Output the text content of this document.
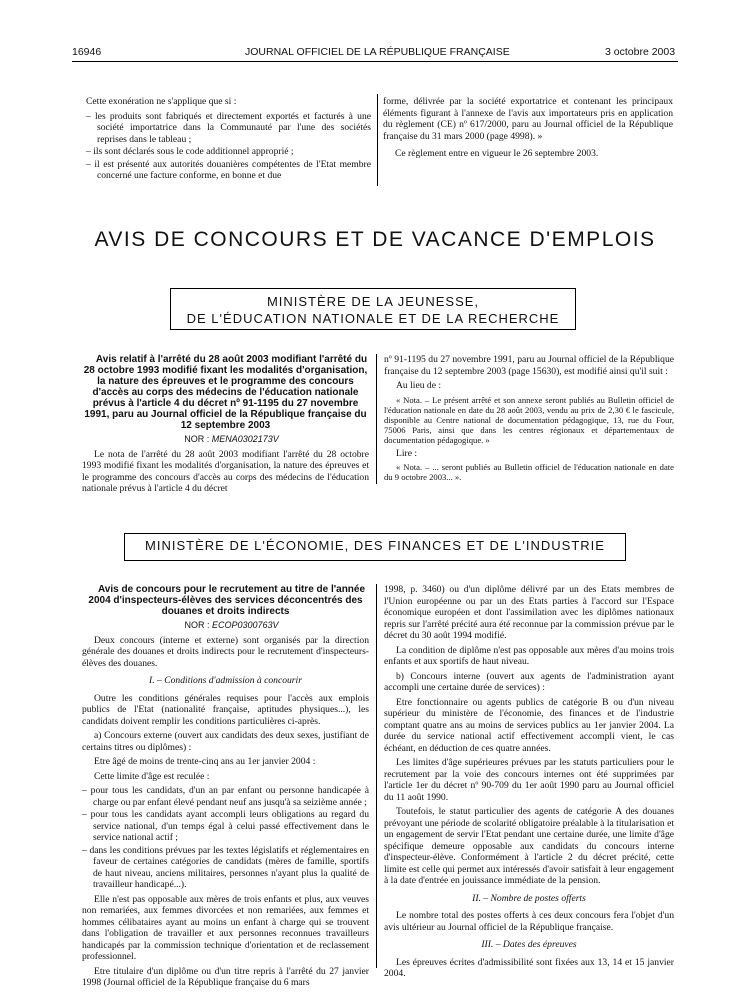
16946	JOURNAL OFFICIEL DE LA RÉPUBLIQUE FRANÇAISE	3 octobre 2003

Cette exonération ne s'applique que si :

– les produits sont fabriqués et directement exportés et facturés à une société importatrice dans la Communauté par l'une des sociétés reprises dans le tableau ;
– ils sont déclarés sous le code additionnel approprié ;
– il est présenté aux autorités douanières compétentes de l'Etat membre concerné une facture conforme, en bonne et due

forme, délivrée par la société exportatrice et contenant les principaux éléments figurant à l'annexe de l'avis aux importateurs pris en application du règlement (CE) nº 617/2000, paru au Journal officiel de la République française du 31 mars 2000 (page 4998). »

Ce règlement entre en vigueur le 26 septembre 2003.

AVIS DE CONCOURS ET DE VACANCE D'EMPLOIS
MINISTÈRE DE LA JEUNESSE,
DE L'ÉDUCATION NATIONALE ET DE LA RECHERCHE

Avis relatif à l'arrêté du 28 août 2003 modifiant l'arrêté du 28 octobre 1993 modifié fixant les modalités d'organisation, la nature des épreuves et le programme des concours d'accès au corps des médecins de l'éducation nationale prévus à l'article 4 du décret nº 91-1195 du 27 novembre 1991, paru au Journal officiel de la République française du 12 septembre 2003

NOR : MENA0302173V

Le nota de l'arrêté du 28 août 2003 modifiant l'arrêté du 28 octobre 1993 modifié fixant les modalités d'organisation, la nature des épreuves et le programme des concours d'accès au corps des médecins de l'éducation nationale prévus à l'article 4 du décret

nº 91-1195 du 27 novembre 1991, paru au Journal officiel de la République française du 12 septembre 2003 (page 15630), est modifié ainsi qu'il suit :

Au lieu de :

« Nota. – Le présent arrêté et son annexe seront publiés au Bulletin officiel de l'éducation nationale en date du 28 août 2003, vendu au prix de 2,30 € le fascicule, disponible au Centre national de documentation pédagogique, 13, rue du Four, 75006 Paris, ainsi que dans les centres régionaux et départementaux de documentation pédagogique. »

Lire :

« Nota. – ... seront publiés au Bulletin officiel de l'éducation nationale en date du 9 octobre 2003... ».

MINISTÈRE DE L'ÉCONOMIE, DES FINANCES ET DE L'INDUSTRIE

Avis de concours pour le recrutement au titre de l'année 2004 d'inspecteurs-élèves des services déconcentrés des douanes et droits indirects

NOR : ECOP0300763V

Deux concours (interne et externe) sont organisés par la direction générale des douanes et droits indirects pour le recrutement d'inspecteurs-élèves des douanes.

I. – Conditions d'admission à concourir

Outre les conditions générales requises pour l'accès aux emplois publics de l'Etat (nationalité française, aptitudes physiques...), les candidats doivent remplir les conditions particulières ci-après.

a) Concours externe (ouvert aux candidats des deux sexes, justifiant de certains titres ou diplômes) :

Etre âgé de moins de trente-cinq ans au 1er janvier 2004 :

Cette limite d'âge est reculée :

– pour tous les candidats, d'un an par enfant ou personne handicapée à charge ou par enfant élevé pendant neuf ans jusqu'à sa seizième année ;
– pour tous les candidats ayant accompli leurs obligations au regard du service national, d'un temps égal à celui passé effectivement dans le service national actif ;
– dans les conditions prévues par les textes législatifs et réglementaires en faveur de certaines catégories de candidats (mères de famille, sportifs de haut niveau, anciens militaires, personnes n'ayant plus la qualité de travailleur handicapé...).

Elle n'est pas opposable aux mères de trois enfants et plus, aux veuves non remariées, aux femmes divorcées et non remariées, aux femmes et hommes célibataires ayant au moins un enfant à charge qui se trouvent dans l'obligation de travailler et aux personnes reconnues travailleurs handicapés par la commission technique d'orientation et de reclassement professionnel.

Etre titulaire d'un diplôme ou d'un titre repris à l'arrêté du 27 janvier 1998 (Journal officiel de la République française du 6 mars

1998, p. 3460) ou d'un diplôme délivré par un des Etats membres de l'Union européenne ou par un des Etats parties à l'accord sur l'Espace économique européen et dont l'assimilation avec les diplômes nationaux repris sur l'arrêté précité aura été reconnue par la commission prévue par le décret du 30 août 1994 modifié.

La condition de diplôme n'est pas opposable aux mères d'au moins trois enfants et aux sportifs de haut niveau.

b) Concours interne (ouvert aux agents de l'administration ayant accompli une certaine durée de services) :

Etre fonctionnaire ou agents publics de catégorie B ou d'un niveau supérieur du ministère de l'économie, des finances et de l'industrie comptant quatre ans au moins de services publics au 1er janvier 2004. La durée du service national actif effectivement accompli vient, le cas échéant, en déduction de ces quatre années.

Les limites d'âge supérieures prévues par les statuts particuliers pour le recrutement par la voie des concours internes ont été supprimées par l'article 1er du décret nº 90-709 du 1er août 1990 paru au Journal officiel du 11 août 1990.

Toutefois, le statut particulier des agents de catégorie A des douanes prévoyant une période de scolarité obligatoire préalable à la titularisation et un engagement de servir l'Etat pendant une certaine durée, une limite d'âge spécifique demeure opposable aux candidats du concours interne d'inspecteur-élève. Conformément à l'article 2 du décret précité, cette limite est celle qui permet aux intéressés d'avoir satisfait à leur engagement à la date d'entrée en jouissance immédiate de la pension.

II. – Nombre de postes offerts

Le nombre total des postes offerts à ces deux concours fera l'objet d'un avis ultérieur au Journal officiel de la République française.

III. – Dates des épreuves

Les épreuves écrites d'admissibilité sont fixées aux 13, 14 et 15 janvier 2004.
